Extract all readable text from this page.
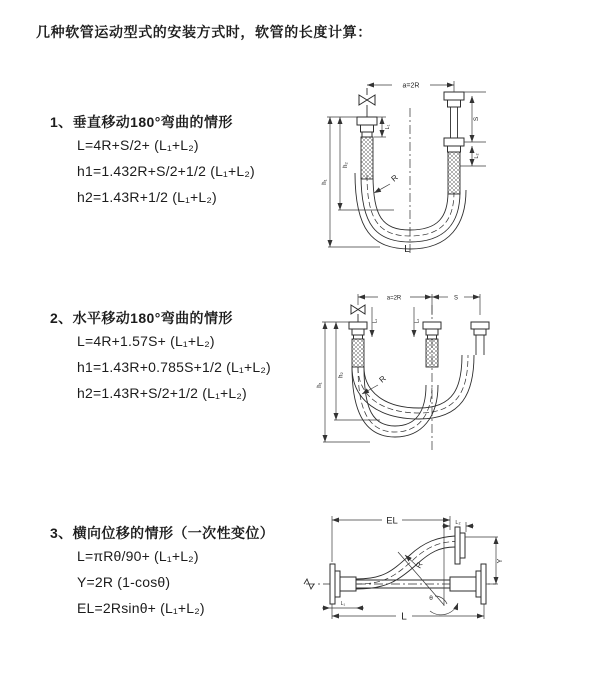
几种软管运动型式的安装方式时，软管的长度计算：
1、垂直移动180°弯曲的情形
L=4R+S/2+ (L₁+L₂)
h1=1.432R+S/2+1/2 (L₁+L₂)
h2=1.43R+1/2 (L₁+L₂)
2、水平移动180°弯曲的情形
L=4R+1.57S+ (L₁+L₂)
h1=1.43R+0.785S+1/2 (L₁+L₂)
h2=1.43R+S/2+1/2 (L₁+L₂)
3、横向位移的情形（一次性变位）
L=πRθ/90+ (L₁+L₂)
Y=2R (1-cosθ)
EL=2Rsinθ+ (L₁+L₂)
a=2R
L₁
S
L₂
h₁
h₂
R
L
a=2R	S
L₁	L₂
h₁
h₂	R
θ
R
EL	L₂
Y
L₁
L
